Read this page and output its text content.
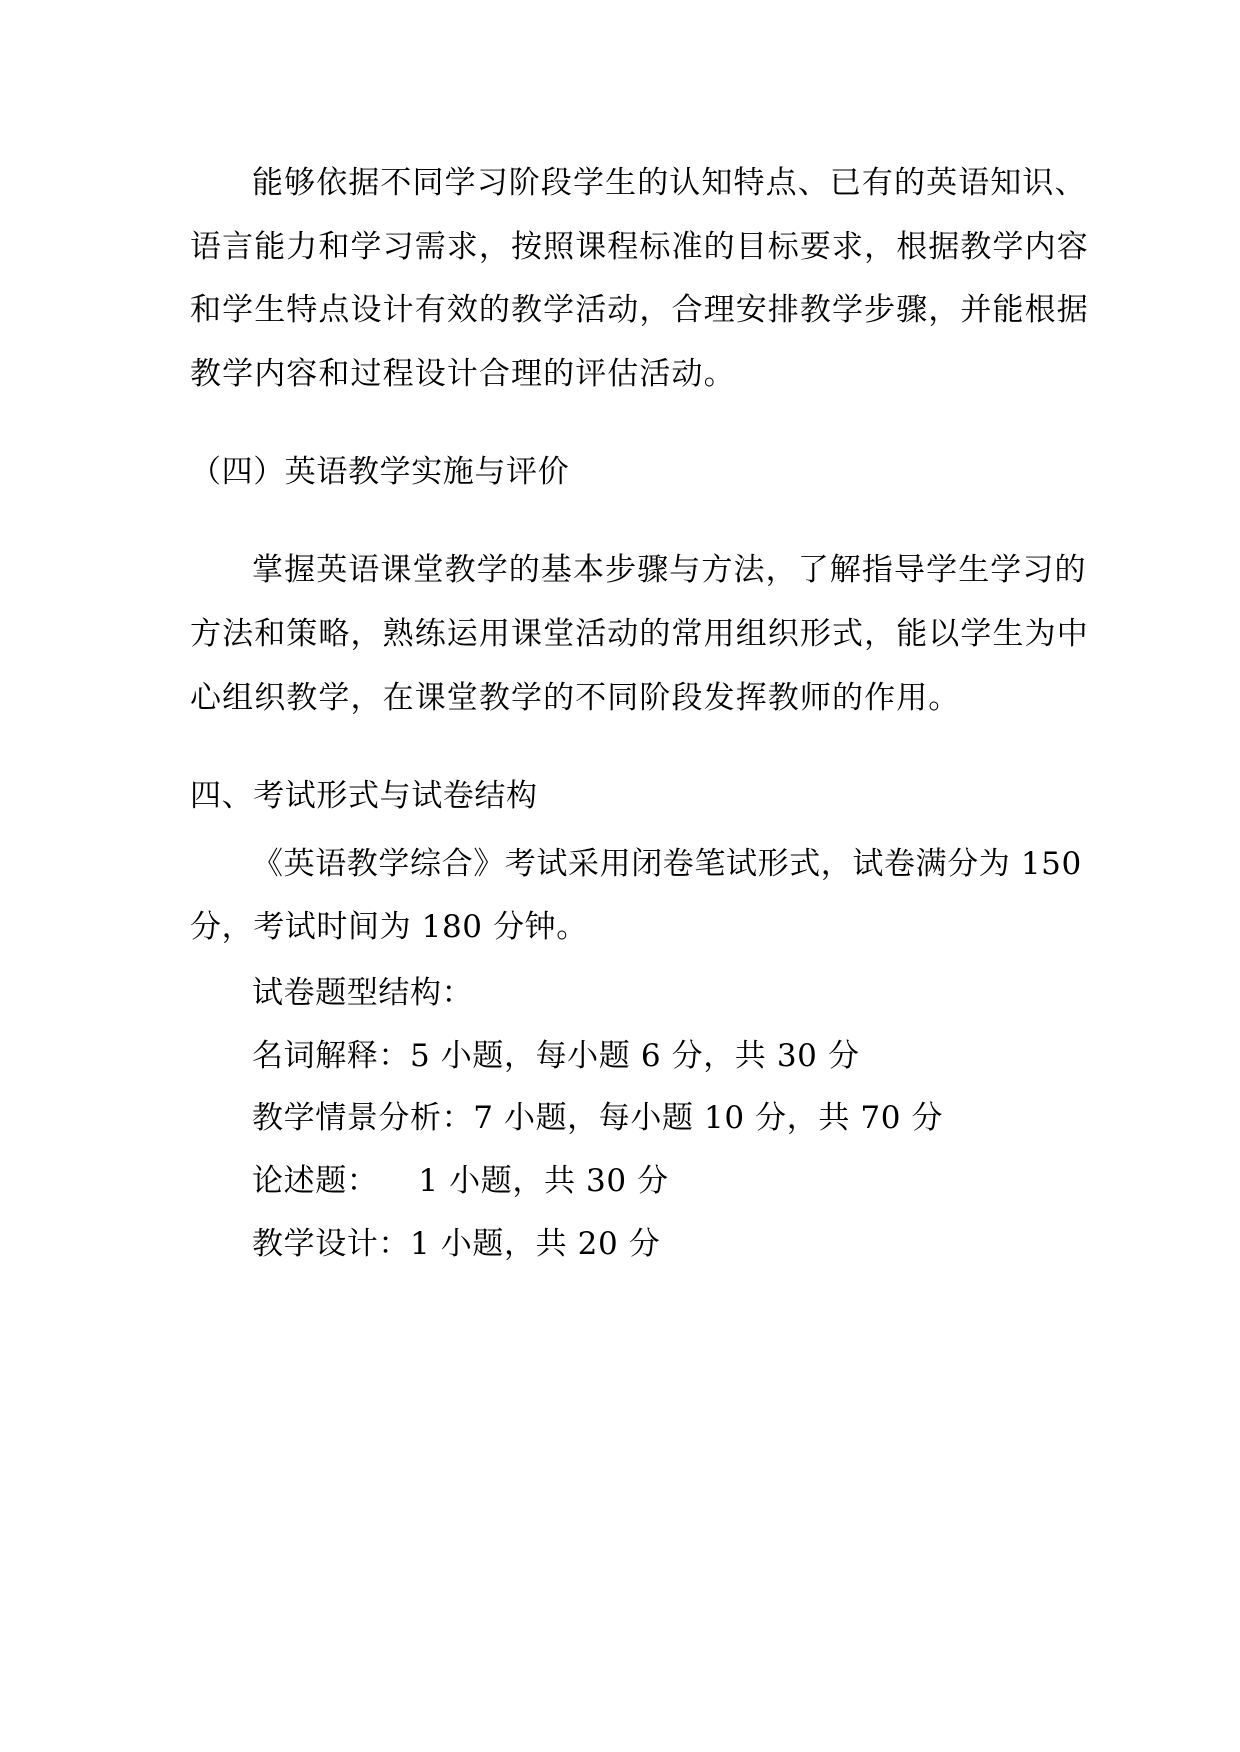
能够依据不同学习阶段学生的认知特点、已有的英语知识、
语言能力和学习需求，按照课程标准的目标要求，根据教学内容
和学生特点设计有效的教学活动，合理安排教学步骤，并能根据
教学内容和过程设计合理的评估活动。
（四）英语教学实施与评价
掌握英语课堂教学的基本步骤与方法，了解指导学生学习的
方法和策略，熟练运用课堂活动的常用组织形式，能以学生为中
心组织教学，在课堂教学的不同阶段发挥教师的作用。
四、考试形式与试卷结构
《英语教学综合》考试采用闭卷笔试形式，试卷满分为 150
分，考试时间为 180 分钟。
试卷题型结构：
名词解释：5 小题，每小题 6 分，共 30 分
教学情景分析：7 小题，每小题 10 分，共 70 分
论述题： 1 小题，共 30 分
教学设计：1 小题，共 20 分
